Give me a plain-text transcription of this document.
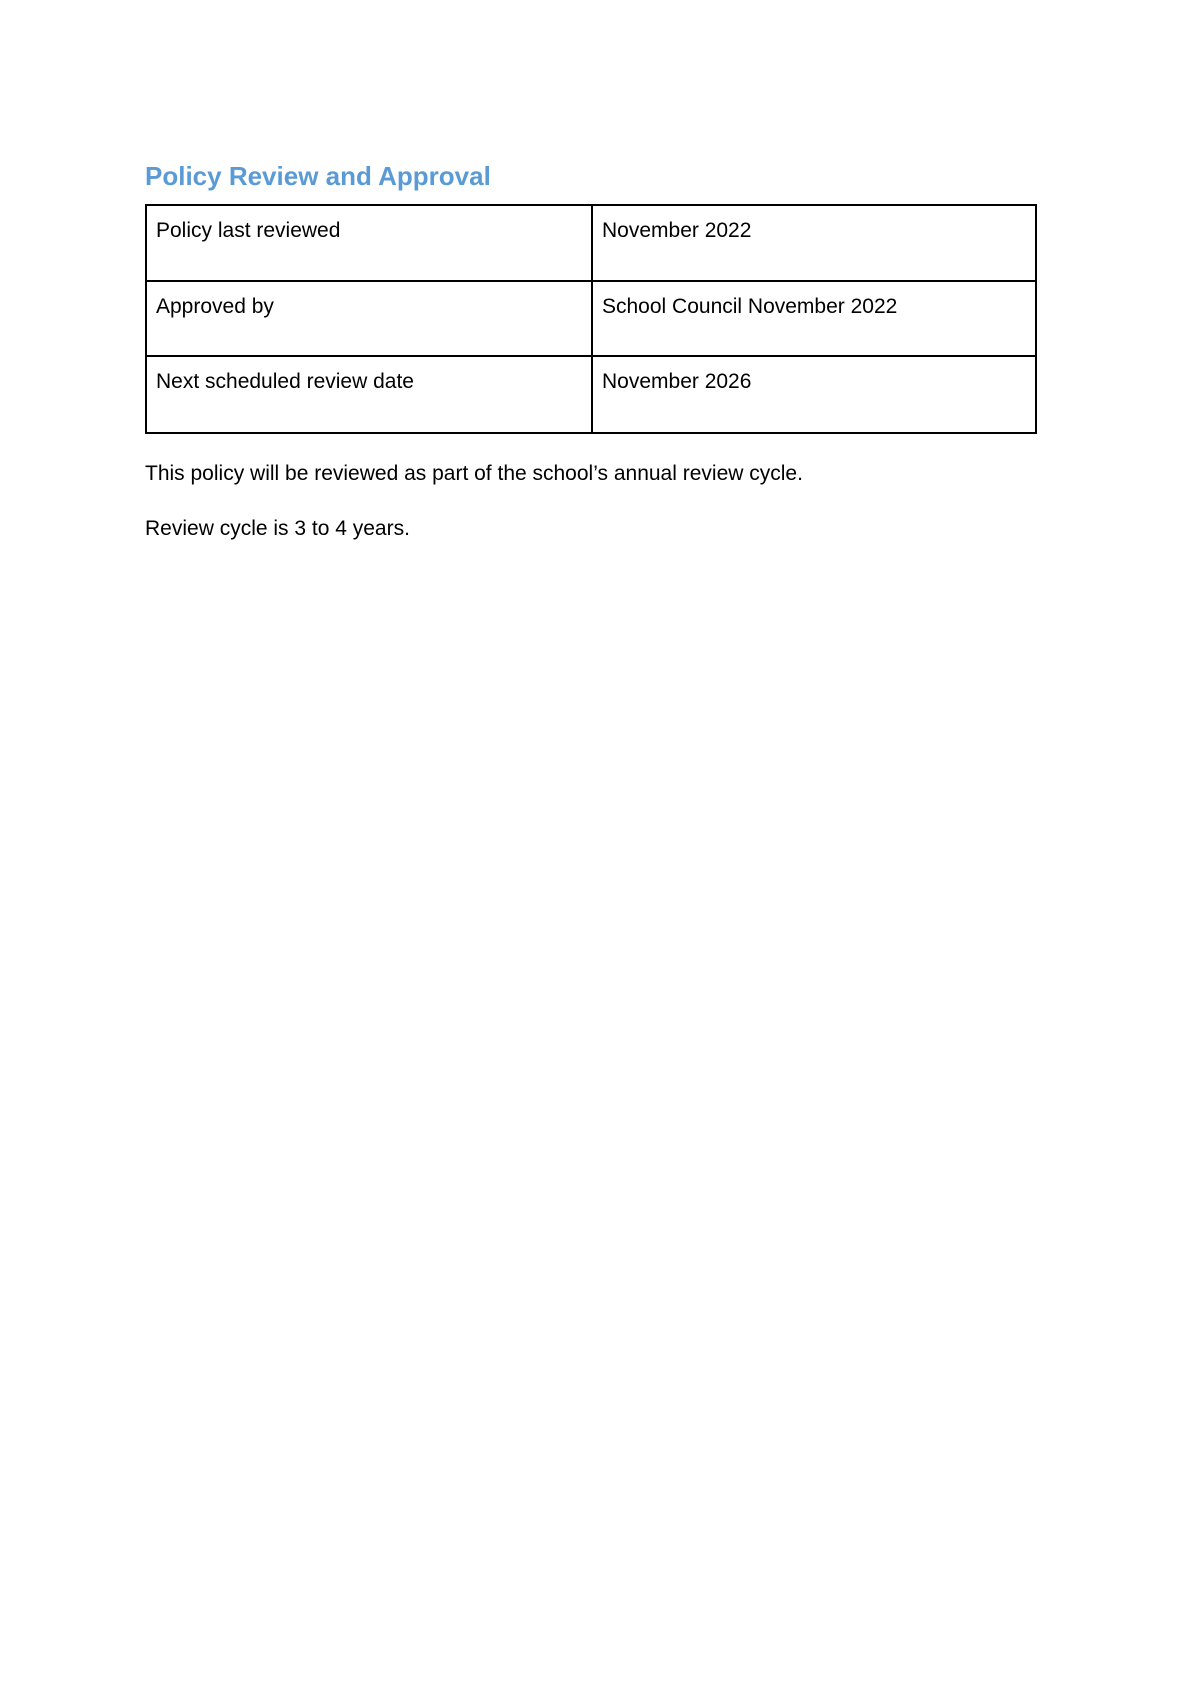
Policy Review and Approval
Policy last reviewed	November 2022
Approved by	School Council November 2022
Next scheduled review date	November 2026

This policy will be reviewed as part of the school’s annual review cycle.

Review cycle is 3 to 4 years.
